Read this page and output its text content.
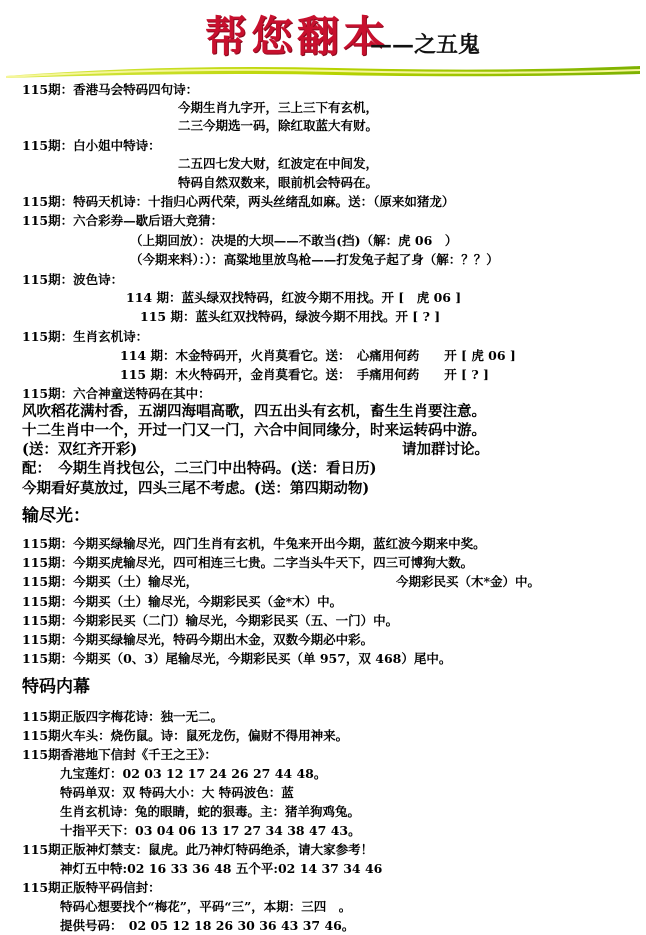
帮您翻本
——之五鬼
115期：香港马会特码四句诗：
今期生肖九字开，三上三下有玄机，
二三今期选一码，除红取蓝大有财。
115期：白小姐中特诗：
二五四七发大财，红波定在中间发，
特码自然双数来，眼前机会特码在。
115期：特码天机诗：十指归心两代荣，两头丝绪乱如麻。送：（原来如猪龙）
115期：六合彩券—歇后语大竞猜：
（上期回放）：决堤的大坝——不敢当(挡)（解：虎 06　）
（今期来料）：）：高粱地里放鸟枪——打发兔子起了身（解：？？）
115期：波色诗：
114 期：蓝头绿双找特码，红波今期不用找。开 [　虎 06 ]
115 期：蓝头红双找特码，绿波今期不用找。开 [ ? ]
115期：生肖玄机诗：
114 期：木金特码开，火肖莫看它。送：　心痛用何药　　开 [ 虎 06 ]
115 期：木火特码开，金肖莫看它。送：　手痛用何药　　开 [ ? ]
115期：六合神童送特码在其中：
风吹稻花满村香，五湖四海唱高歌，四五出头有玄机，畜生生肖要注意。
十二生肖中一个，开过一门又一门，六合中间同缘分，时来运转码中游。
(送：双红齐开彩)	请加群讨论。
配：　今期生肖找包公，二三门中出特码。(送：看日历)
今期看好莫放过，四头三尾不考虑。(送：第四期动物)
输尽光：
115期：今期买绿输尽光，四门生肖有玄机，牛兔来开出今期，蓝红波今期来中奖。
115期：今期买虎输尽光，四可相连三七贵。二字当头牛天下，四三可博狗大数。
115期：今期买（土）输尽光，	今期彩民买（木*金）中。
115期：今期买（土）输尽光，今期彩民买（金*木）中。
115期：今期彩民买（二门）输尽光，今期彩民买（五、一门）中。
115期：今期买绿输尽光，特码今期出木金，双数今期必中彩。
115期：今期买（0、3）尾输尽光，今期彩民买（单 957，双 468）尾中。
特码内幕
115期正版四字梅花诗：独一无二。
115期火车头：烧伤鼠。诗：鼠死龙伤，偏财不得用神来。
115期香港地下信封《千王之王》：
九宝莲灯：02 03 12 17 24 26 27 44 48。
特码单双：双 特码大小：大 特码波色：蓝
生肖玄机诗：兔的眼睛，蛇的狠毒。主：猪羊狗鸡兔。
十指平天下：03 04 06 13 17 27 34 38 47 43。
115期正版神灯禁支：鼠虎。此乃神灯特码绝杀，请大家参考！
神灯五中特:02 16 33 36 48 五个平:02 14 37 34 46
115期正版特平码信封：
特码心想要找个“梅花”，平码“三”，本期：三四　。
提供号码：　02 05 12 18 26 30 36 43 37 46。
